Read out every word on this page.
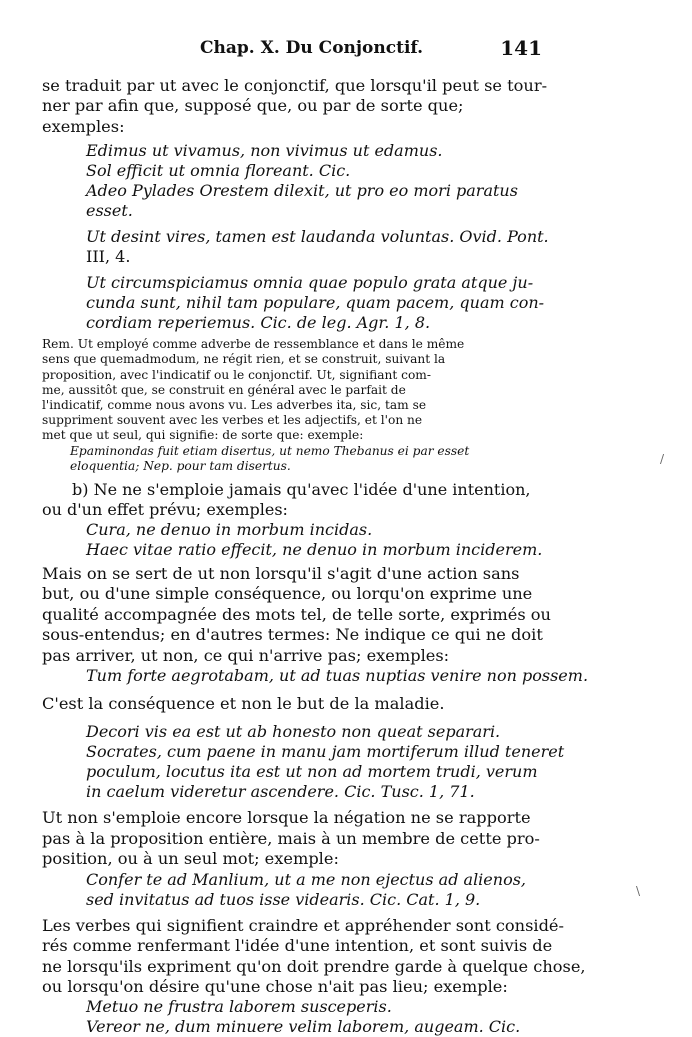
Chap. X. Du Conjonctif.	141
se traduit par ut avec le conjonctif, que lorsqu'il peut se tour-
ner par afin que, supposé que, ou par de sorte que;
exemples:
Edimus ut vivamus, non vivimus ut edamus.
Sol efficit ut omnia floreant. Cic.
Adeo Pylades Orestem dilexit, ut pro eo mori paratus
esset.
Ut desint vires, tamen est laudanda voluntas. Ovid. Pont.
III, 4.
Ut circumspiciamus omnia quae populo grata atque ju-
cunda sunt, nihil tam populare, quam pacem, quam con-
cordiam reperiemus. Cic. de leg. Agr. 1, 8.
Rem. Ut employé comme adverbe de ressemblance et dans le même
sens que quemadmodum, ne régit rien, et se construit, suivant la
proposition, avec l'indicatif ou le conjonctif. Ut, signifiant com-
me, aussitôt que, se construit en général avec le parfait de
l'indicatif, comme nous avons vu. Les adverbes ita, sic, tam se
suppriment souvent avec les verbes et les adjectifs, et l'on ne
met que ut seul, qui signifie: de sorte que: exemple:
Epaminondas fuit etiam disertus, ut nemo Thebanus ei par esset
eloquentia; Nep. pour tam disertus.
b) Ne ne s'emploie jamais qu'avec l'idée d'une intention,
ou d'un effet prévu; exemples:
Cura, ne denuo in morbum incidas.
Haec vitae ratio effecit, ne denuo in morbum inciderem.
Mais on se sert de ut non lorsqu'il s'agit d'une action sans
but, ou d'une simple conséquence, ou lorqu'on exprime une
qualité accompagnée des mots tel, de telle sorte, exprimés ou
sous-entendus; en d'autres termes: Ne indique ce qui ne doit
pas arriver, ut non, ce qui n'arrive pas; exemples:
Tum forte aegrotabam, ut ad tuas nuptias venire non possem.
C'est la conséquence et non le but de la maladie.
Decori vis ea est ut ab honesto non queat separari.
Socrates, cum paene in manu jam mortiferum illud teneret
poculum, locutus ita est ut non ad mortem trudi, verum
in caelum videretur ascendere. Cic. Tusc. 1, 71.
Ut non s'emploie encore lorsque la négation ne se rapporte
pas à la proposition entière, mais à un membre de cette pro-
position, ou à un seul mot; exemple:
Confer te ad Manlium, ut a me non ejectus ad alienos,
sed invitatus ad tuos isse videaris. Cic. Cat. 1, 9.
Les verbes qui signifient craindre et appréhender sont considé-
rés comme renfermant l'idée d'une intention, et sont suivis de
ne lorsqu'ils expriment qu'on doit prendre garde à quelque chose,
ou lorsqu'on désire qu'une chose n'ait pas lieu; exemple:
Metuo ne frustra laborem susceperis.
Vereor ne, dum minuere velim laborem, augeam. Cic.
/
\
